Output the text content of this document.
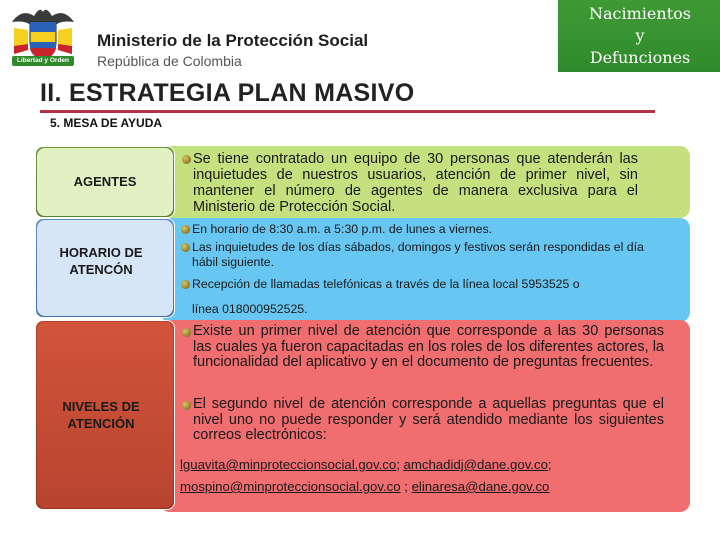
Libertad y Orden
Ministerio de la Protección Social
República de Colombia
Nacimientos
y
Defunciones
II. ESTRATEGIA PLAN MASIVO
5. MESA DE AYUDA
AGENTES
HORARIO DE ATENCÓN
NIVELES DE ATENCIÓN
Se tiene contratado un equipo de 30 personas que atenderán las inquietudes de nuestros usuarios, atención de primer nivel, sin mantener el número de agentes de manera exclusiva para el Ministerio de Protección Social.
En horario de 8:30 a.m. a 5:30 p.m. de lunes a viernes.
Las inquietudes de los días sábados, domingos y festivos serán respondidas el día hábil siguiente.
Recepción de llamadas telefónicas a través de la línea local 5953525 o
línea 018000952525.
Existe un primer nivel de atención que corresponde a las 30 personas las cuales ya fueron capacitadas en los roles de los diferentes actores, la funcionalidad del aplicativo y en el documento de preguntas frecuentes.
El segundo nivel de atención corresponde a aquellas preguntas que el nivel uno no puede responder y será atendido mediante los siguientes correos electrónicos:
lguavita@minproteccionsocial.gov.co; amchadidj@dane.gov.co;
mospino@minproteccionsocial.gov.co ; elinaresa@dane.gov.co
